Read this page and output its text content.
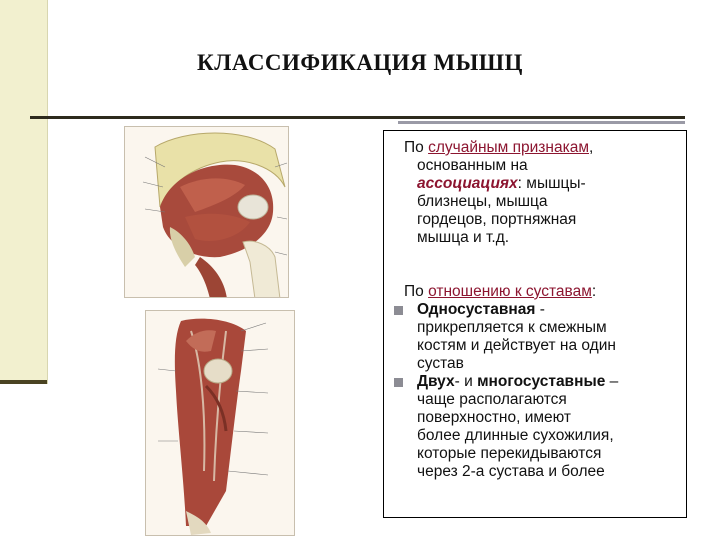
КЛАССИФИКАЦИЯ МЫШЦ
По случайным признакам,
основанным на
ассоциациях: мышцы-
близнецы, мышца
гордецов, портняжная
мышца и т.д.
По отношению к суставам:
Односуставная -
прикрепляется к смежным
костям и действует на один
сустав
Двух- и многосуставные –
чаще располагаются
поверхностно, имеют
более длинные сухожилия,
которые перекидываются
через 2-а сустава и более
